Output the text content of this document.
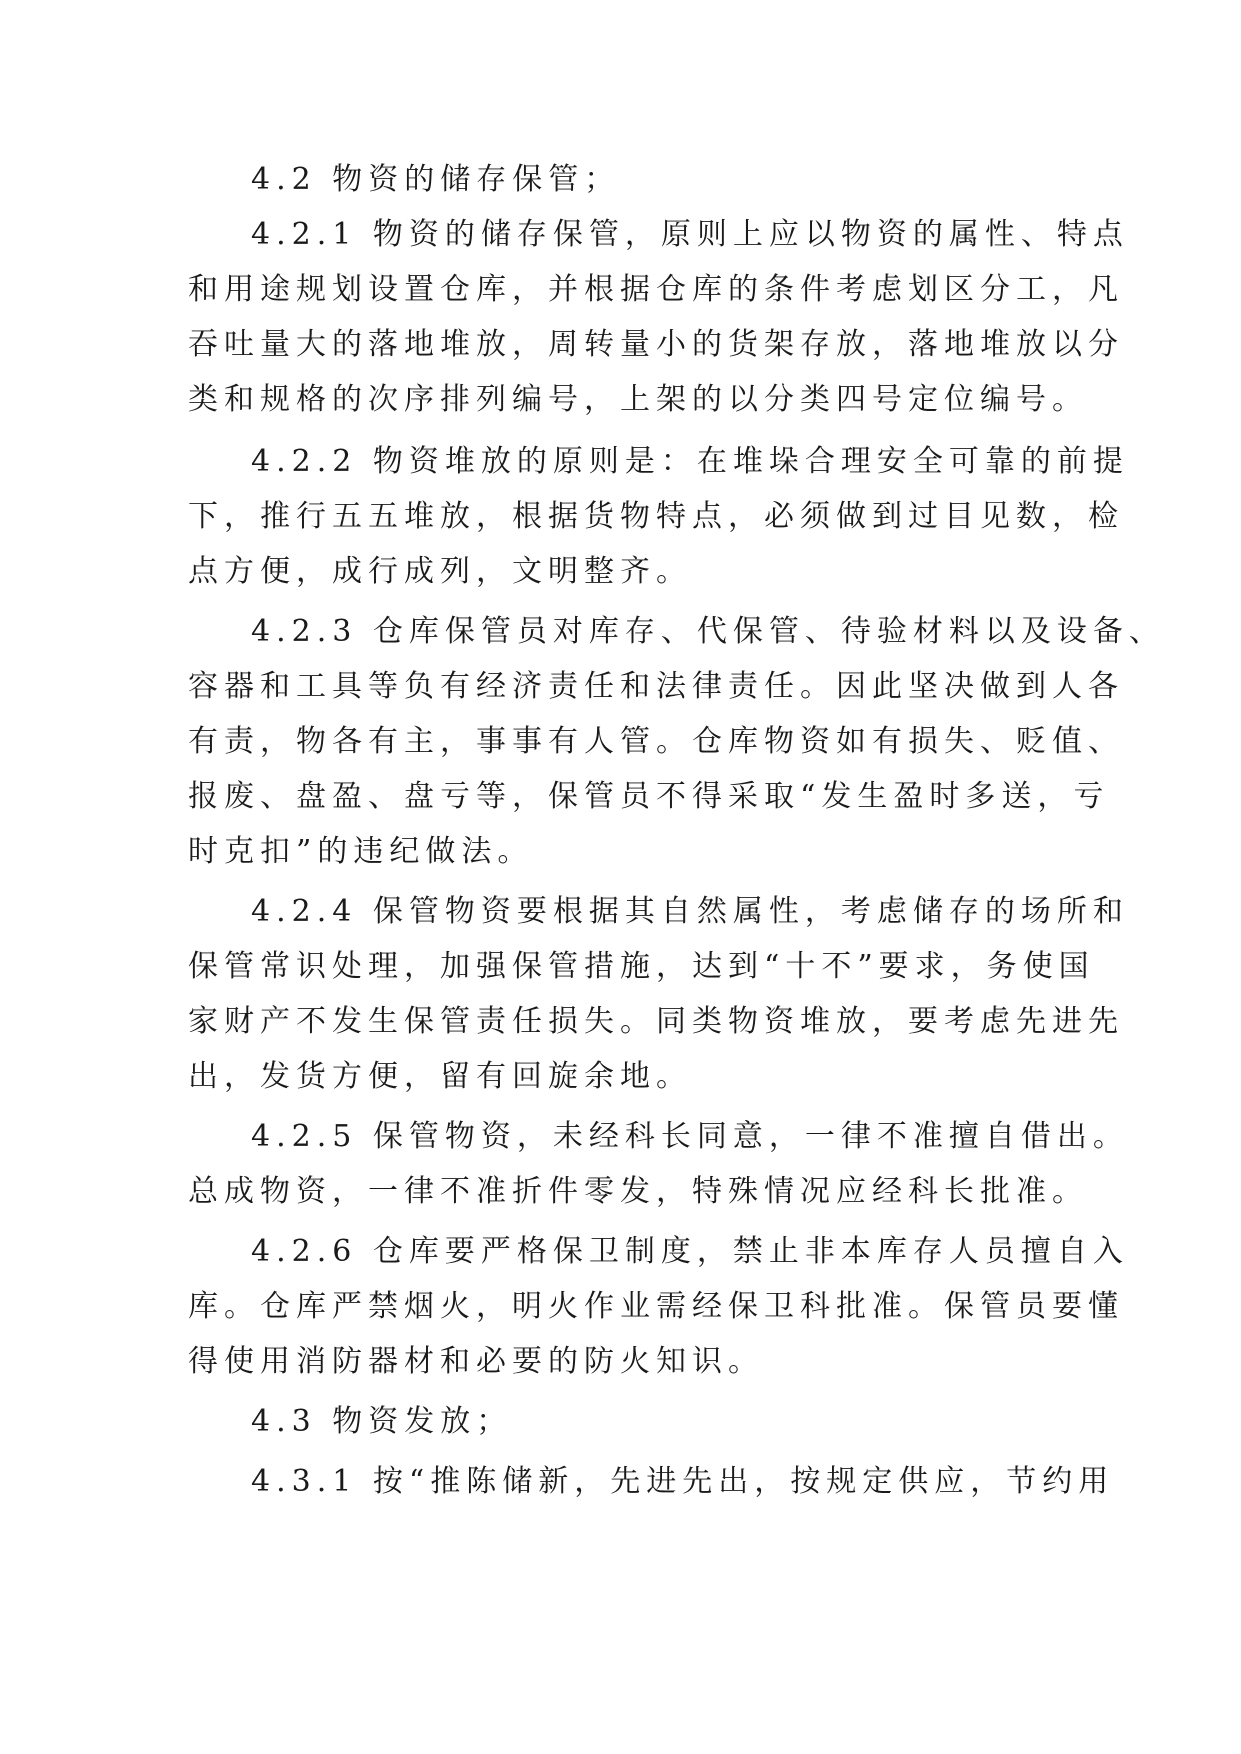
4.2 物资的储存保管；
4.2.1 物资的储存保管，原则上应以物资的属性、特点
和用途规划设置仓库，并根据仓库的条件考虑划区分工，凡
吞吐量大的落地堆放，周转量小的货架存放，落地堆放以分
类和规格的次序排列编号，上架的以分类四号定位编号。
4.2.2 物资堆放的原则是：在堆垛合理安全可靠的前提
下，推行五五堆放，根据货物特点，必须做到过目见数，检
点方便，成行成列，文明整齐。
4.2.3 仓库保管员对库存、代保管、待验材料以及设备、
容器和工具等负有经济责任和法律责任。因此坚决做到人各
有责，物各有主，事事有人管。仓库物资如有损失、贬值、
报废、盘盈、盘亏等，保管员不得采取“发生盈时多送，亏
时克扣”的违纪做法。
4.2.4 保管物资要根据其自然属性，考虑储存的场所和
保管常识处理，加强保管措施，达到“十不”要求，务使国
家财产不发生保管责任损失。同类物资堆放，要考虑先进先
出，发货方便，留有回旋余地。
4.2.5 保管物资，未经科长同意，一律不准擅自借出。
总成物资，一律不准折件零发，特殊情况应经科长批准。
4.2.6 仓库要严格保卫制度，禁止非本库存人员擅自入
库。仓库严禁烟火，明火作业需经保卫科批准。保管员要懂
得使用消防器材和必要的防火知识。
4.3 物资发放；
4.3.1 按“推陈储新，先进先出，按规定供应，节约用
